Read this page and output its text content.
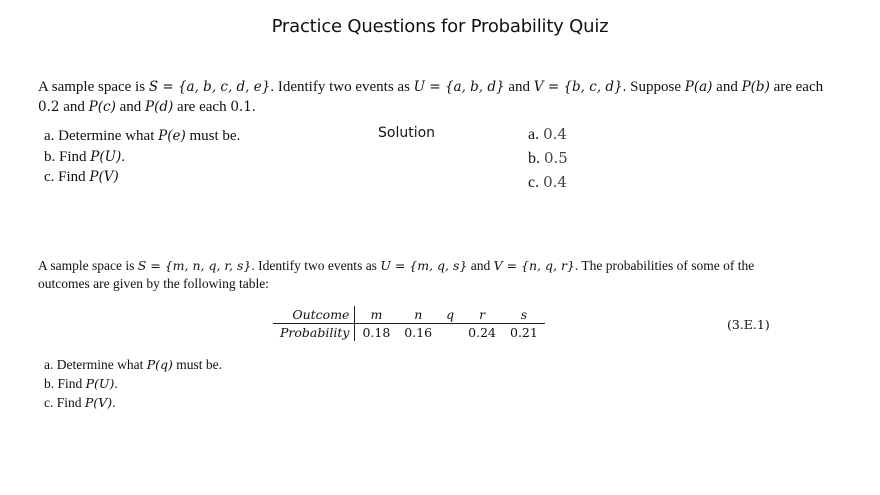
Practice Questions for Probability Quiz
A sample space is S = {a, b, c, d, e}. Identify two events as U = {a, b, d} and V = {b, c, d}. Suppose P(a) and P(b) are each
0.2 and P(c) and P(d) are each 0.1.
a. Determine what P(e) must be.
b. Find P(U).
c. Find P(V)
Solution	a. 0.4
b. 0.5
c. 0.4
A sample space is S = {m, n, q, r, s}. Identify two events as U = {m, q, s} and V = {n, q, r}. The probabilities of some of the
outcomes are given by the following table:
Outcome	m	n	q	r	s
Probability	0.18	0.16		0.24	0.21
(3.E.1)
a. Determine what P(q) must be.
b. Find P(U).
c. Find P(V).
